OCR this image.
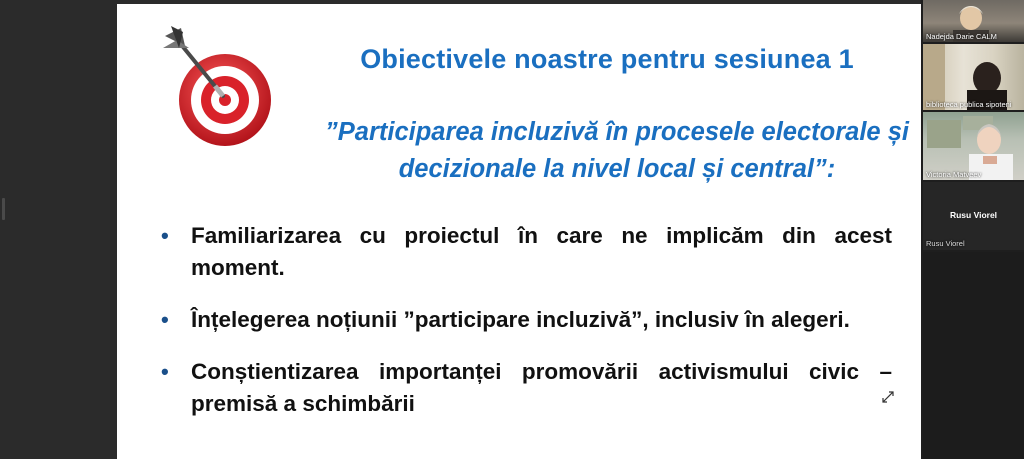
Obiectivele noastre pentru sesiunea 1
”Participarea incluzivă în procesele electorale și decizionale la nivel local și central”:
• Familiarizarea cu proiectul în care ne implicăm din acest moment.
• Înțelegerea noțiunii ”participare incluzivă”, inclusiv în alegeri.
• Conștientizarea importanței promovării activismului civic – premisă a schimbării
Nadejda Darie CALM
biblioteca publica sipoteni
Victoria Matveev
Rusu Viorel
Rusu Viorel
